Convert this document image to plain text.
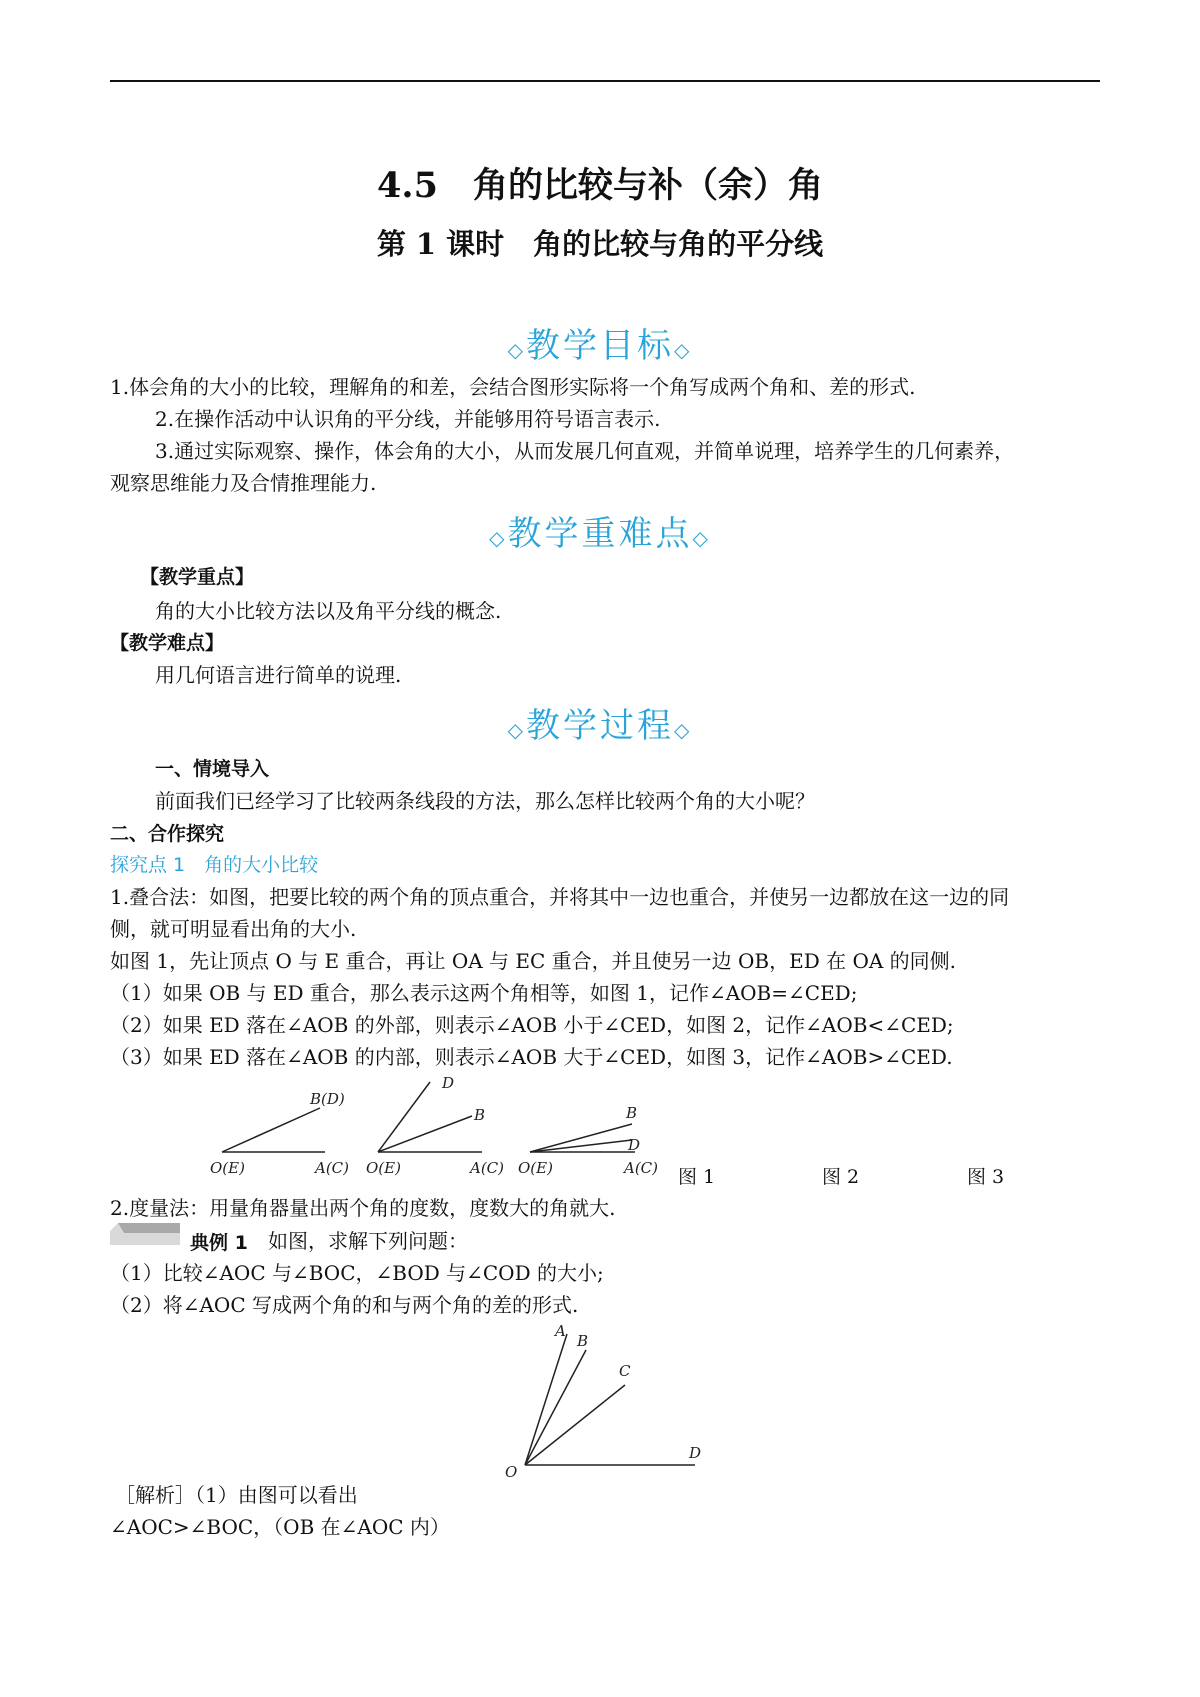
4.5　角的比较与补（余）角
第 1 课时　角的比较与角的平分线
◇教学目标◇
1.体会角的大小的比较，理解角的和差，会结合图形实际将一个角写成两个角和、差的形式.
2.在操作活动中认识角的平分线，并能够用符号语言表示.
3.通过实际观察、操作，体会角的大小，从而发展几何直观，并简单说理，培养学生的几何素养，
观察思维能力及合情推理能力.
◇教学重难点◇
【教学重点】
角的大小比较方法以及角平分线的概念.
【教学难点】
用几何语言进行简单的说理.
◇教学过程◇
一、情境导入
前面我们已经学习了比较两条线段的方法，那么怎样比较两个角的大小呢？
二、合作探究
探究点 1　角的大小比较
1.叠合法：如图，把要比较的两个角的顶点重合，并将其中一边也重合，并使另一边都放在这一边的同
侧，就可明显看出角的大小.
如图 1，先让顶点 O 与 E 重合，再让 OA 与 EC 重合，并且使另一边 OB，ED 在 OA 的同侧.
（1）如果 OB 与 ED 重合，那么表示这两个角相等，如图 1，记作∠AOB=∠CED;
（2）如果 ED 落在∠AOB 的外部，则表示∠AOB 小于∠CED，如图 2，记作∠AOB<∠CED;
（3）如果 ED 落在∠AOB 的内部，则表示∠AOB 大于∠CED，如图 3，记作∠AOB>∠CED.
B(D)
O(E)	A(C)
D
B
O(E)	A(C)
B
D
O(E)	A(C) 图 1	图 2	图 3
2.度量法：用量角器量出两个角的度数，度数大的角就大.
典例 1 如图，求解下列问题：
（1）比较∠AOC 与∠BOC，∠BOD 与∠COD 的大小;
（2）将∠AOC 写成两个角的和与两个角的差的形式.
A
B
C
D
O
［解析］（1）由图可以看出
∠AOC>∠BOC，（OB 在∠AOC 内）
